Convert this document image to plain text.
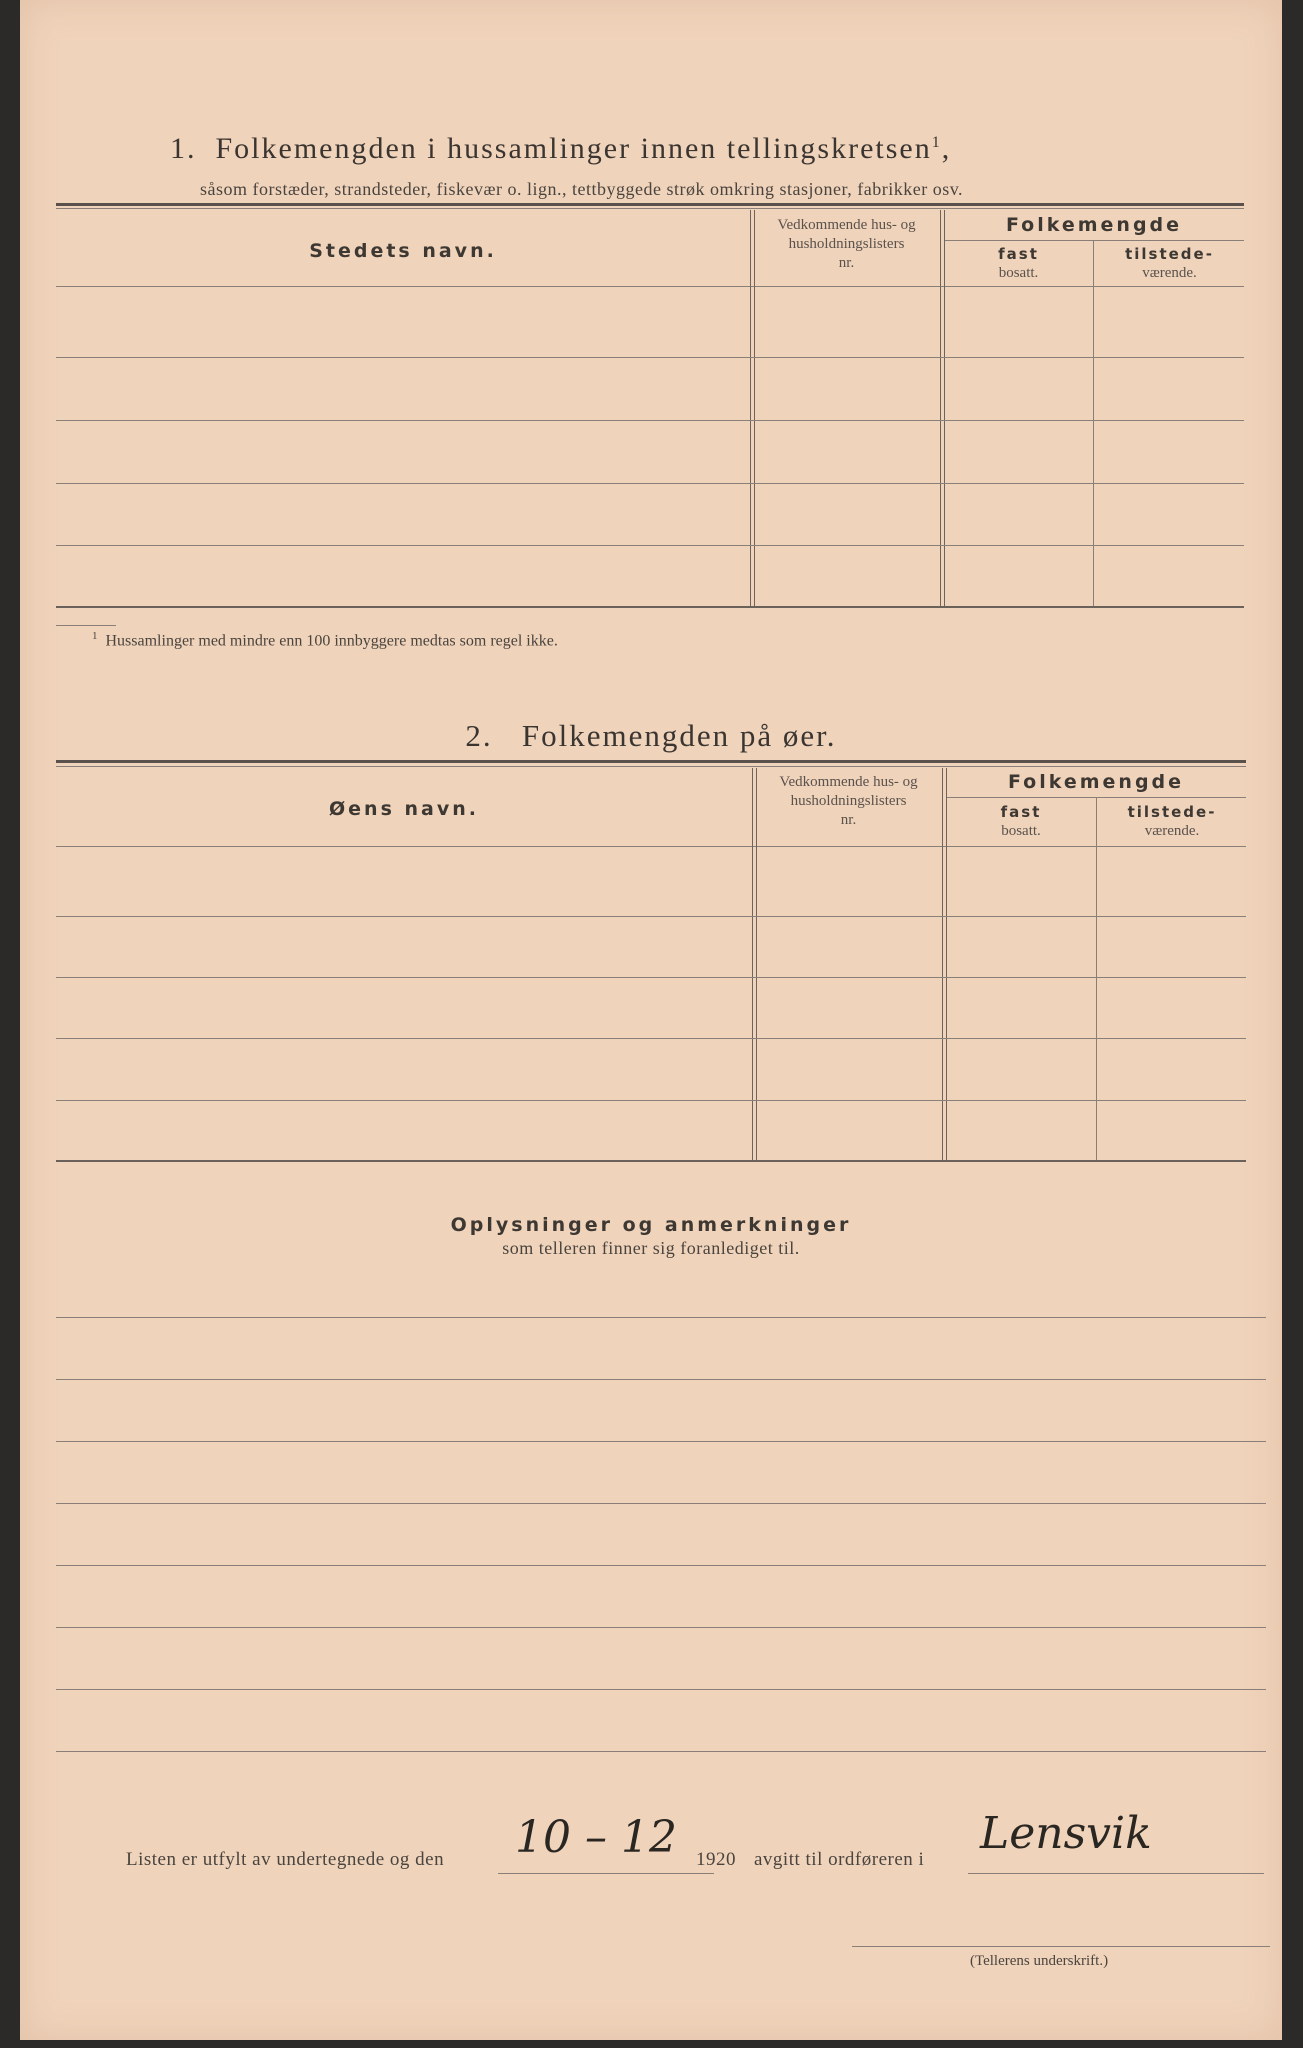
1. Folkemengden i hussamlinger innen tellingskretsen$^1$,
såsom forstæder, strandsteder, fiskevær o. lign., tettbyggede strøk omkring stasjoner, fabrikker osv.
Stedets navn.
Vedkommende hus- og
husholdningslisters
nr.
Folkemengde
fast
bosatt.
tilstede-
værende.
$^1$ Hussamlinger med mindre enn 100 innbyggere medtas som regel ikke.
2. Folkemengden på øer.
Øens navn.
Vedkommende hus- og
husholdningslisters
nr.
Folkemengde
fast
bosatt.
tilstede-
værende.
Oplysninger og anmerkninger
som telleren finner sig foranlediget til.
Listen er utfylt av undertegnede og den 10 – 12 1920 avgitt til ordføreren i
Lensvik
(Tellerens underskrift.)
